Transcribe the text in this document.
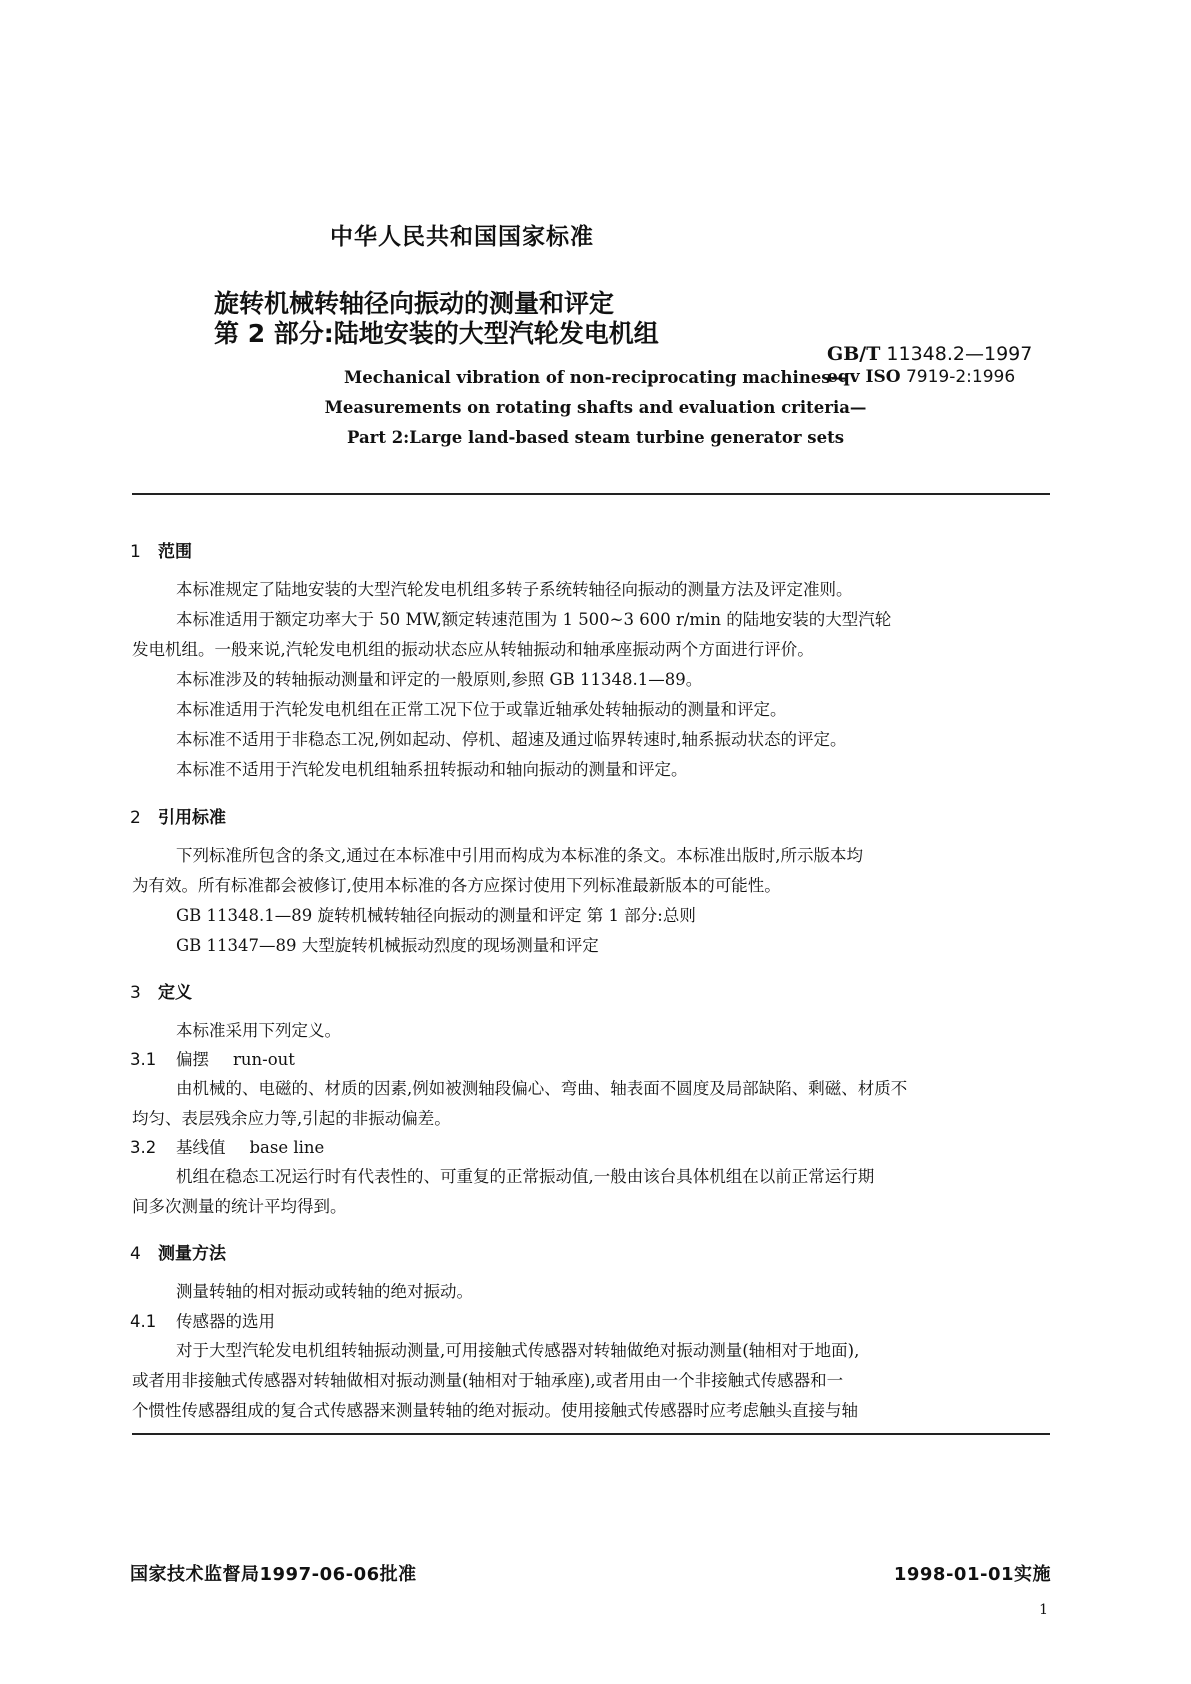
中华人民共和国国家标准
旋转机械转轴径向振动的测量和评定
第 2 部分:陆地安装的大型汽轮发电机组
GB/T 11348.2—1997
eqv ISO 7919-2:1996
Mechanical vibration of non-reciprocating machines—
Measurements on rotating shafts and evaluation criteria—
Part 2:Large land-based steam turbine generator sets
1 范围
本标准规定了陆地安装的大型汽轮发电机组多转子系统转轴径向振动的测量方法及评定准则。
本标准适用于额定功率大于 50 MW,额定转速范围为 1 500~3 600 r/min 的陆地安装的大型汽轮
发电机组。一般来说,汽轮发电机组的振动状态应从转轴振动和轴承座振动两个方面进行评价。
本标准涉及的转轴振动测量和评定的一般原则,参照 GB 11348.1—89。
本标准适用于汽轮发电机组在正常工况下位于或靠近轴承处转轴振动的测量和评定。
本标准不适用于非稳态工况,例如起动、停机、超速及通过临界转速时,轴系振动状态的评定。
本标准不适用于汽轮发电机组轴系扭转振动和轴向振动的测量和评定。
2 引用标准
下列标准所包含的条文,通过在本标准中引用而构成为本标准的条文。本标准出版时,所示版本均
为有效。所有标准都会被修订,使用本标准的各方应探讨使用下列标准最新版本的可能性。
GB 11348.1—89 旋转机械转轴径向振动的测量和评定 第 1 部分:总则
GB 11347—89 大型旋转机械振动烈度的现场测量和评定
3 定义
本标准采用下列定义。
3.1 偏摆 run-out
由机械的、电磁的、材质的因素,例如被测轴段偏心、弯曲、轴表面不圆度及局部缺陷、剩磁、材质不
均匀、表层残余应力等,引起的非振动偏差。
3.2 基线值 base line
机组在稳态工况运行时有代表性的、可重复的正常振动值,一般由该台具体机组在以前正常运行期
间多次测量的统计平均得到。
4 测量方法
测量转轴的相对振动或转轴的绝对振动。
4.1 传感器的选用
对于大型汽轮发电机组转轴振动测量,可用接触式传感器对转轴做绝对振动测量(轴相对于地面),
或者用非接触式传感器对转轴做相对振动测量(轴相对于轴承座),或者用由一个非接触式传感器和一
个惯性传感器组成的复合式传感器来测量转轴的绝对振动。使用接触式传感器时应考虑触头直接与轴
国家技术监督局1997-06-06批准	1998-01-01实施
1
